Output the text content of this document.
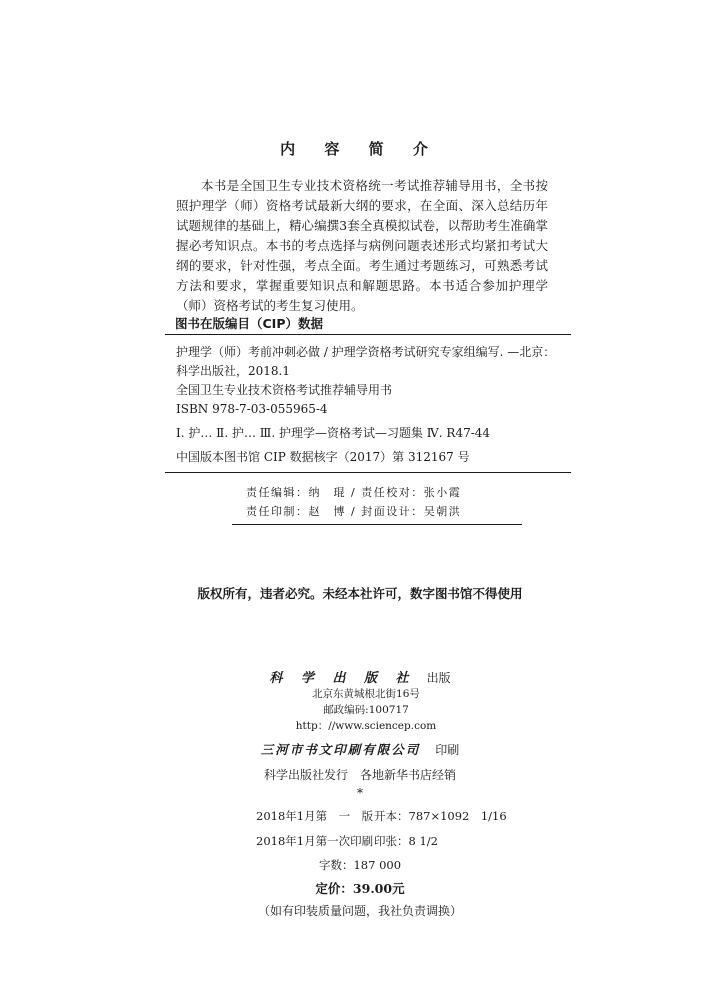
内 容 简 介
本书是全国卫生专业技术资格统一考试推荐辅导用书，全书按照护理学（师）资格考试最新大纲的要求，在全面、深入总结历年试题规律的基础上，精心编撰3套全真模拟试卷，以帮助考生准确掌握必考知识点。本书的考点选择与病例问题表述形式均紧扣考试大纲的要求，针对性强，考点全面。考生通过考题练习，可熟悉考试方法和要求，掌握重要知识点和解题思路。本书适合参加护理学（师）资格考试的考生复习使用。
图书在版编目（CIP）数据
护理学（师）考前冲刺必做 / 护理学资格考试研究专家组编写. —北京：
科学出版社，2018.1
全国卫生专业技术资格考试推荐辅导用书
ISBN 978-7-03-055965-4
Ⅰ. 护… Ⅱ. 护… Ⅲ. 护理学—资格考试—习题集 Ⅳ. R47-44
中国版本图书馆 CIP 数据核字（2017）第 312167 号
责任编辑：纳　琨 / 责任校对：张小霞
责任印制：赵　博 / 封面设计：吴朝洪
版权所有，违者必究。未经本社许可，数字图书馆不得使用
科 学 出 版 社 出版
北京东黄城根北街16号
邮政编码:100717
http：//www.sciencep.com
三河市书文印刷有限公司 印刷
科学出版社发行　各地新华书店经销
*
2018年1月第　一　版 开本：787×1092　1/16
2018年1月第一次印刷 印张：8 1/2
字数：187 000
定价：39.00元
（如有印装质量问题，我社负责调换）
